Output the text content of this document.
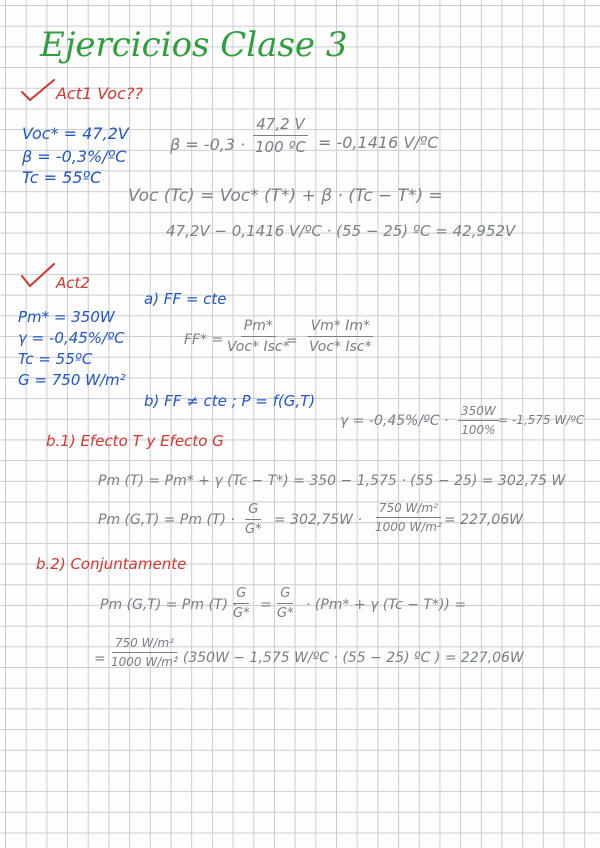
Ejercicios Clase 3
Act1 Voc??
Voc* = 47,2V
β = -0,3%/ºC
Tc = 55ºC
$\beta = -0,3 \cdot \frac{47,2 V}{\text{100 ºC}} = -0,1416$ V/ºC
Voc (Tc) = Voc* (T*) + β · (Tc − T*) =
47,2V − 0,1416 V/ºC · (55 − 25) ºC = 42,952V
Act2
Pm* = 350W
γ = -0,45%/ºC
Tc = 55ºC
G = 750 W/m²
a) FF = cte
FF* =
Pm*
Voc* Isc*
=
Vm* Im*
Voc* Isc*
b) FF ≠ cte ; P = f(G,T)
γ = -0,45%/ºC · $\frac{350W}{100\%} = -1,575$ W/ºC
b.1) Efecto T y Efecto G
Pm (T) = Pm* + γ (Tc − T*) = 350 − 1,575 · (55 − 25) = 302,75 W
Pm (G,T) = Pm $(T) \cdot \frac{G}{G*} = 302,75W \cdot \frac{\text{750 W/m²}}{\text{1000 W/m²}} = 227,06W$
b.2) Conjuntamente
Pm (G,T) = Pm (T) ·
$\frac{G}{G*} = \frac{G}{G*} \cdot (Pm* + \gamma$ (Tc − T*)) =
= $\frac{\text{750 W/m²}}{\text{1000 W/m²}}$
· (350W − 1,575 W/ºC · (55 − 25) ºC ) = 227,06W
